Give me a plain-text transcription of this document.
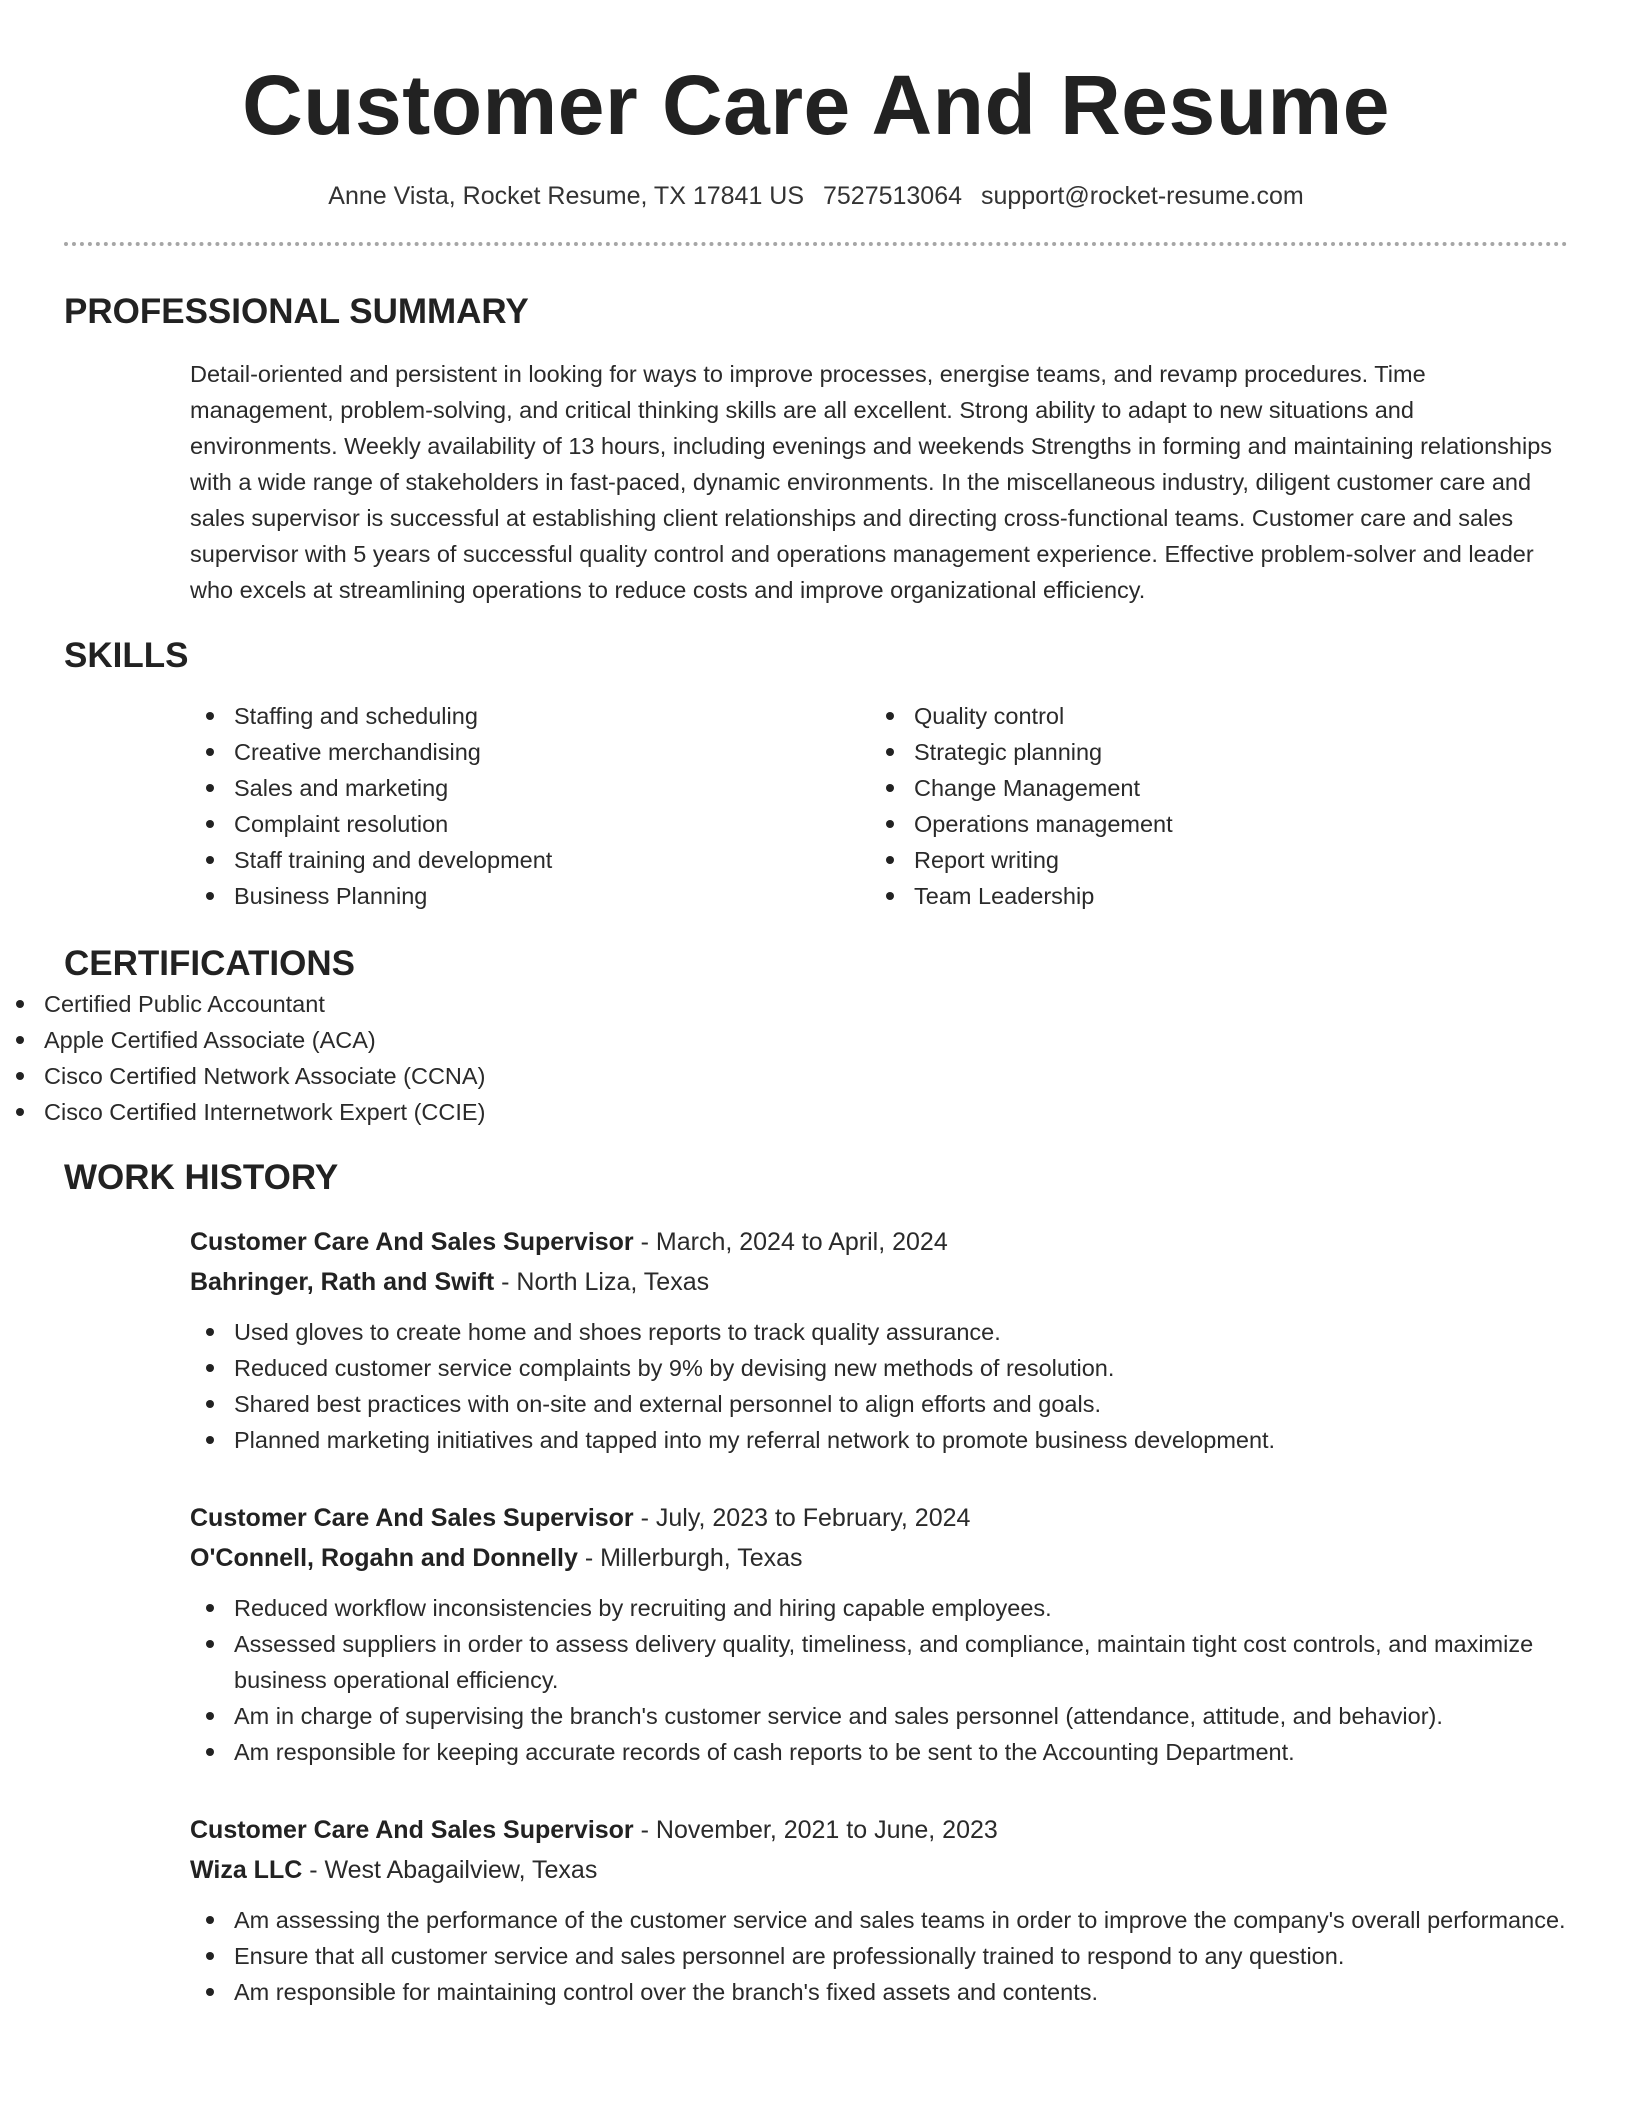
Customer Care And Resume
Anne Vista, Rocket Resume, TX 17841 US 7527513064 support@rocket-resume.com
PROFESSIONAL SUMMARY

Detail-oriented and persistent in looking for ways to improve processes, energise teams, and revamp procedures. Time management, problem-solving, and critical thinking skills are all excellent. Strong ability to adapt to new situations and environments. Weekly availability of 13 hours, including evenings and weekends Strengths in forming and maintaining relationships with a wide range of stakeholders in fast-paced, dynamic environments. In the miscellaneous industry, diligent customer care and sales supervisor is successful at establishing client relationships and directing cross-functional teams. Customer care and sales supervisor with 5 years of successful quality control and operations management experience. Effective problem-solver and leader who excels at streamlining operations to reduce costs and improve organizational efficiency.

SKILLS
Staffing and scheduling
Creative merchandising
Sales and marketing
Complaint resolution
Staff training and development
Business Planning
Quality control
Strategic planning
Change Management
Operations management
Report writing
Team Leadership
CERTIFICATIONS
Certified Public Accountant
Apple Certified Associate (ACA)
Cisco Certified Network Associate (CCNA)
Cisco Certified Internetwork Expert (CCIE)
WORK HISTORY
Customer Care And Sales Supervisor - March, 2024 to April, 2024
Bahringer, Rath and Swift - North Liza, Texas
Used gloves to create home and shoes reports to track quality assurance.
Reduced customer service complaints by 9% by devising new methods of resolution.
Shared best practices with on-site and external personnel to align efforts and goals.
Planned marketing initiatives and tapped into my referral network to promote business development.
Customer Care And Sales Supervisor - July, 2023 to February, 2024
O'Connell, Rogahn and Donnelly - Millerburgh, Texas
Reduced workflow inconsistencies by recruiting and hiring capable employees.
Assessed suppliers in order to assess delivery quality, timeliness, and compliance, maintain tight cost controls, and maximize business operational efficiency.
Am in charge of supervising the branch's customer service and sales personnel (attendance, attitude, and behavior).
Am responsible for keeping accurate records of cash reports to be sent to the Accounting Department.
Customer Care And Sales Supervisor - November, 2021 to June, 2023
Wiza LLC - West Abagailview, Texas
Am assessing the performance of the customer service and sales teams in order to improve the company's overall performance.
Ensure that all customer service and sales personnel are professionally trained to respond to any question.
Am responsible for maintaining control over the branch's fixed assets and contents.
